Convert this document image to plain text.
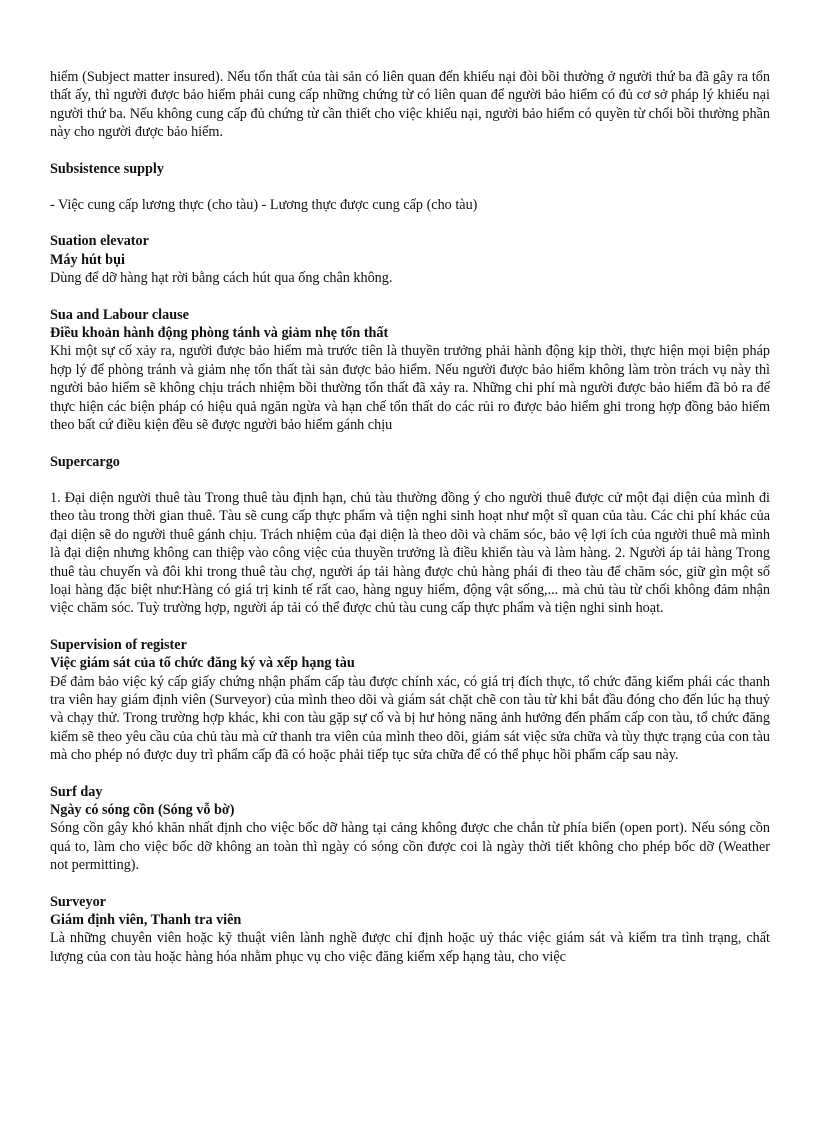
hiểm (Subject matter insured). Nếu tổn thất của tài sản có liên quan đến khiếu nại đòi bồi thường ở người thứ ba đã gây ra tổn thất ấy, thì người được bảo hiểm phải cung cấp những chứng từ có liên quan để người bảo hiểm có đủ cơ sở pháp lý khiếu nại người thứ ba. Nếu không cung cấp đủ chứng từ cần thiết cho việc khiếu nại, người bảo hiểm có quyền từ chối bồi thường phần này cho người được bảo hiểm.

Subsistence supply

- Việc cung cấp lương thực (cho tàu) - Lương thực được cung cấp (cho tàu)

Suation elevator

Máy hút bụi

Dùng để dỡ hàng hạt rời bằng cách hút qua ống chân không.

Sua and Labour clause

Điều khoản hành động phòng tánh và giảm nhẹ tổn thất

Khi một sự cố xảy ra, người được bảo hiểm mà trước tiên là thuyền trưởng phải hành động kịp thời, thực hiện mọi biện pháp hợp lý để phòng tránh và giảm nhẹ tổn thất tài sản được bảo hiểm. Nếu người được bảo hiểm không làm tròn trách vụ này thì người bảo hiểm sẽ không chịu trách nhiệm bồi thường tổn thất đã xảy ra. Những chi phí mà người được bảo hiểm đã bỏ ra để thực hiện các biện pháp có hiệu quả ngăn ngừa và hạn chế tổn thất do các rủi ro được bảo hiểm ghi trong hợp đồng bảo hiểm theo bất cứ điều kiện đều sẽ được người bảo hiểm gánh chịu

Supercargo

1. Đại diện người thuê tàu Trong thuê tàu định hạn, chủ tàu thường đồng ý cho người thuê được cử một đại diện của mình đi theo tàu trong thời gian thuê. Tàu sẽ cung cấp thực phẩm và tiện nghi sinh hoạt như một sĩ quan của tàu. Các chi phí khác của đại diện sẽ do người thuê gánh chịu. Trách nhiệm của đại diện là theo dõi và chăm sóc, bảo vệ lợi ích của người thuê mà mình là đại diện nhưng không can thiệp vào công việc của thuyền trưởng là điều khiển tàu và làm hàng. 2. Người áp tải hàng Trong thuê tàu chuyến và đôi khi trong thuê tàu chợ, người áp tải hàng được chủ hàng phái đi theo tàu để chăm sóc, giữ gìn một số loại hàng đặc biệt như:Hàng có giá trị kinh tế rất cao, hàng nguy hiểm, động vật sống,... mà chủ tàu từ chối không đảm nhận việc chăm sóc. Tuỳ trường hợp, người áp tải có thể được chủ tàu cung cấp thực phẩm và tiện nghi sinh hoạt.

Supervision of register

Việc giám sát của tổ chức đăng ký và xếp hạng tàu

Để đảm bảo việc ký cấp giấy chứng nhận phẩm cấp tàu được chính xác, có giá trị đích thực, tổ chức đăng kiểm phái các thanh tra viên hay giám định viên (Surveyor) của mình theo dõi và giám sát chặt chẽ con tàu từ khi bắt đầu đóng cho đến lúc hạ thuỷ và chạy thử. Trong trường hợp khác, khi con tàu gặp sự cố và bị hư hỏng năng ảnh hưởng đến phẩm cấp con tàu, tổ chức đăng kiểm sẽ theo yêu cầu của chủ tàu mà cử thanh tra viên của mình theo dõi, giám sát việc sửa chữa và tùy thực trạng của con tàu mà cho phép nó được duy trì phẩm cấp đã có hoặc phải tiếp tục sửa chữa để có thể phục hồi phẩm cấp sau này.

Surf day

Ngày có sóng cồn (Sóng vỗ bờ)

Sóng cồn gây khó khăn nhất định cho việc bốc dỡ hàng tại cảng không được che chắn từ phía biển (open port). Nếu sóng cồn quá to, làm cho việc bốc dỡ không an toàn thì ngày có sóng cồn được coi là ngày thời tiết không cho phép bốc dỡ (Weather not permitting).

Surveyor

Giám định viên, Thanh tra viên

Là những chuyên viên hoặc kỹ thuật viên lành nghề được chỉ định hoặc uỷ thác việc giám sát và kiểm tra tình trạng, chất lượng của con tàu hoặc hàng hóa nhằm phục vụ cho việc đăng kiểm xếp hạng tàu, cho việc
